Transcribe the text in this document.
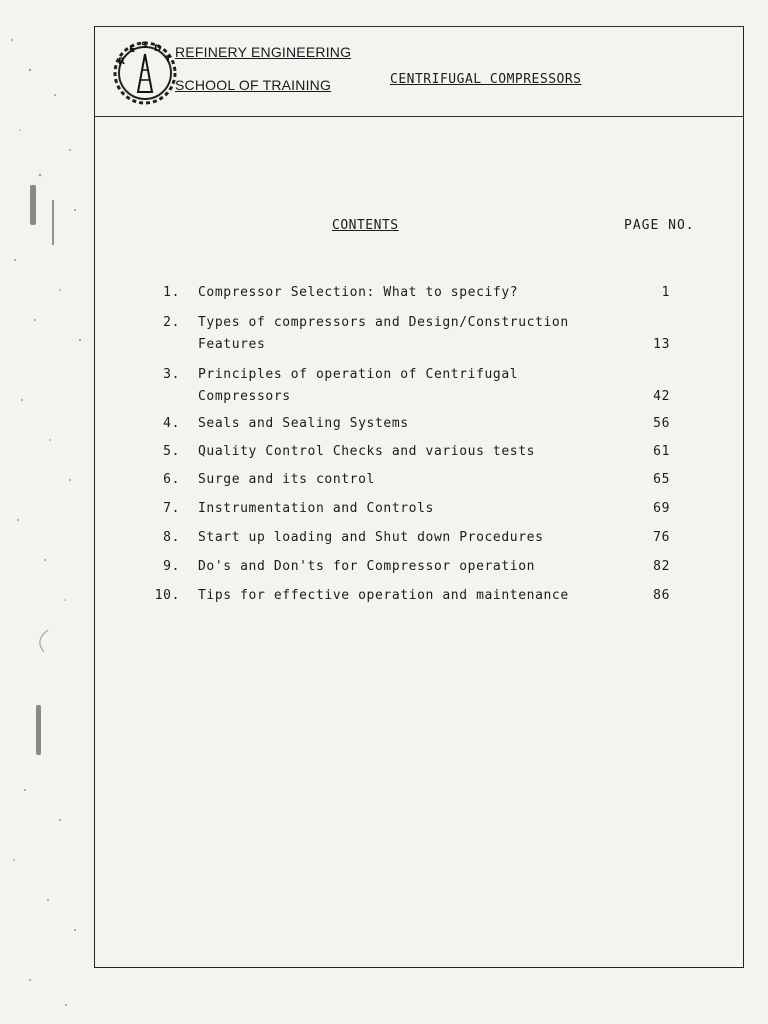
R
E S D
T REFINERY ENGINEERING
SCHOOL OF TRAINING	CENTRIFUGAL COMPRESSORS
CONTENTS	PAGE NO.
1. Compressor Selection: What to specify?	1
2. Types of compressors and Design/Construction
Features	13
3. Principles of operation of Centrifugal
Compressors	42
4. Seals and Sealing Systems	56
5. Quality Control Checks and various tests	61
6. Surge and its control	65
7. Instrumentation and Controls	69
8. Start up loading and Shut down Procedures	76
9. Do's and Don'ts for Compressor operation	82
10. Tips for effective operation and maintenance	86
